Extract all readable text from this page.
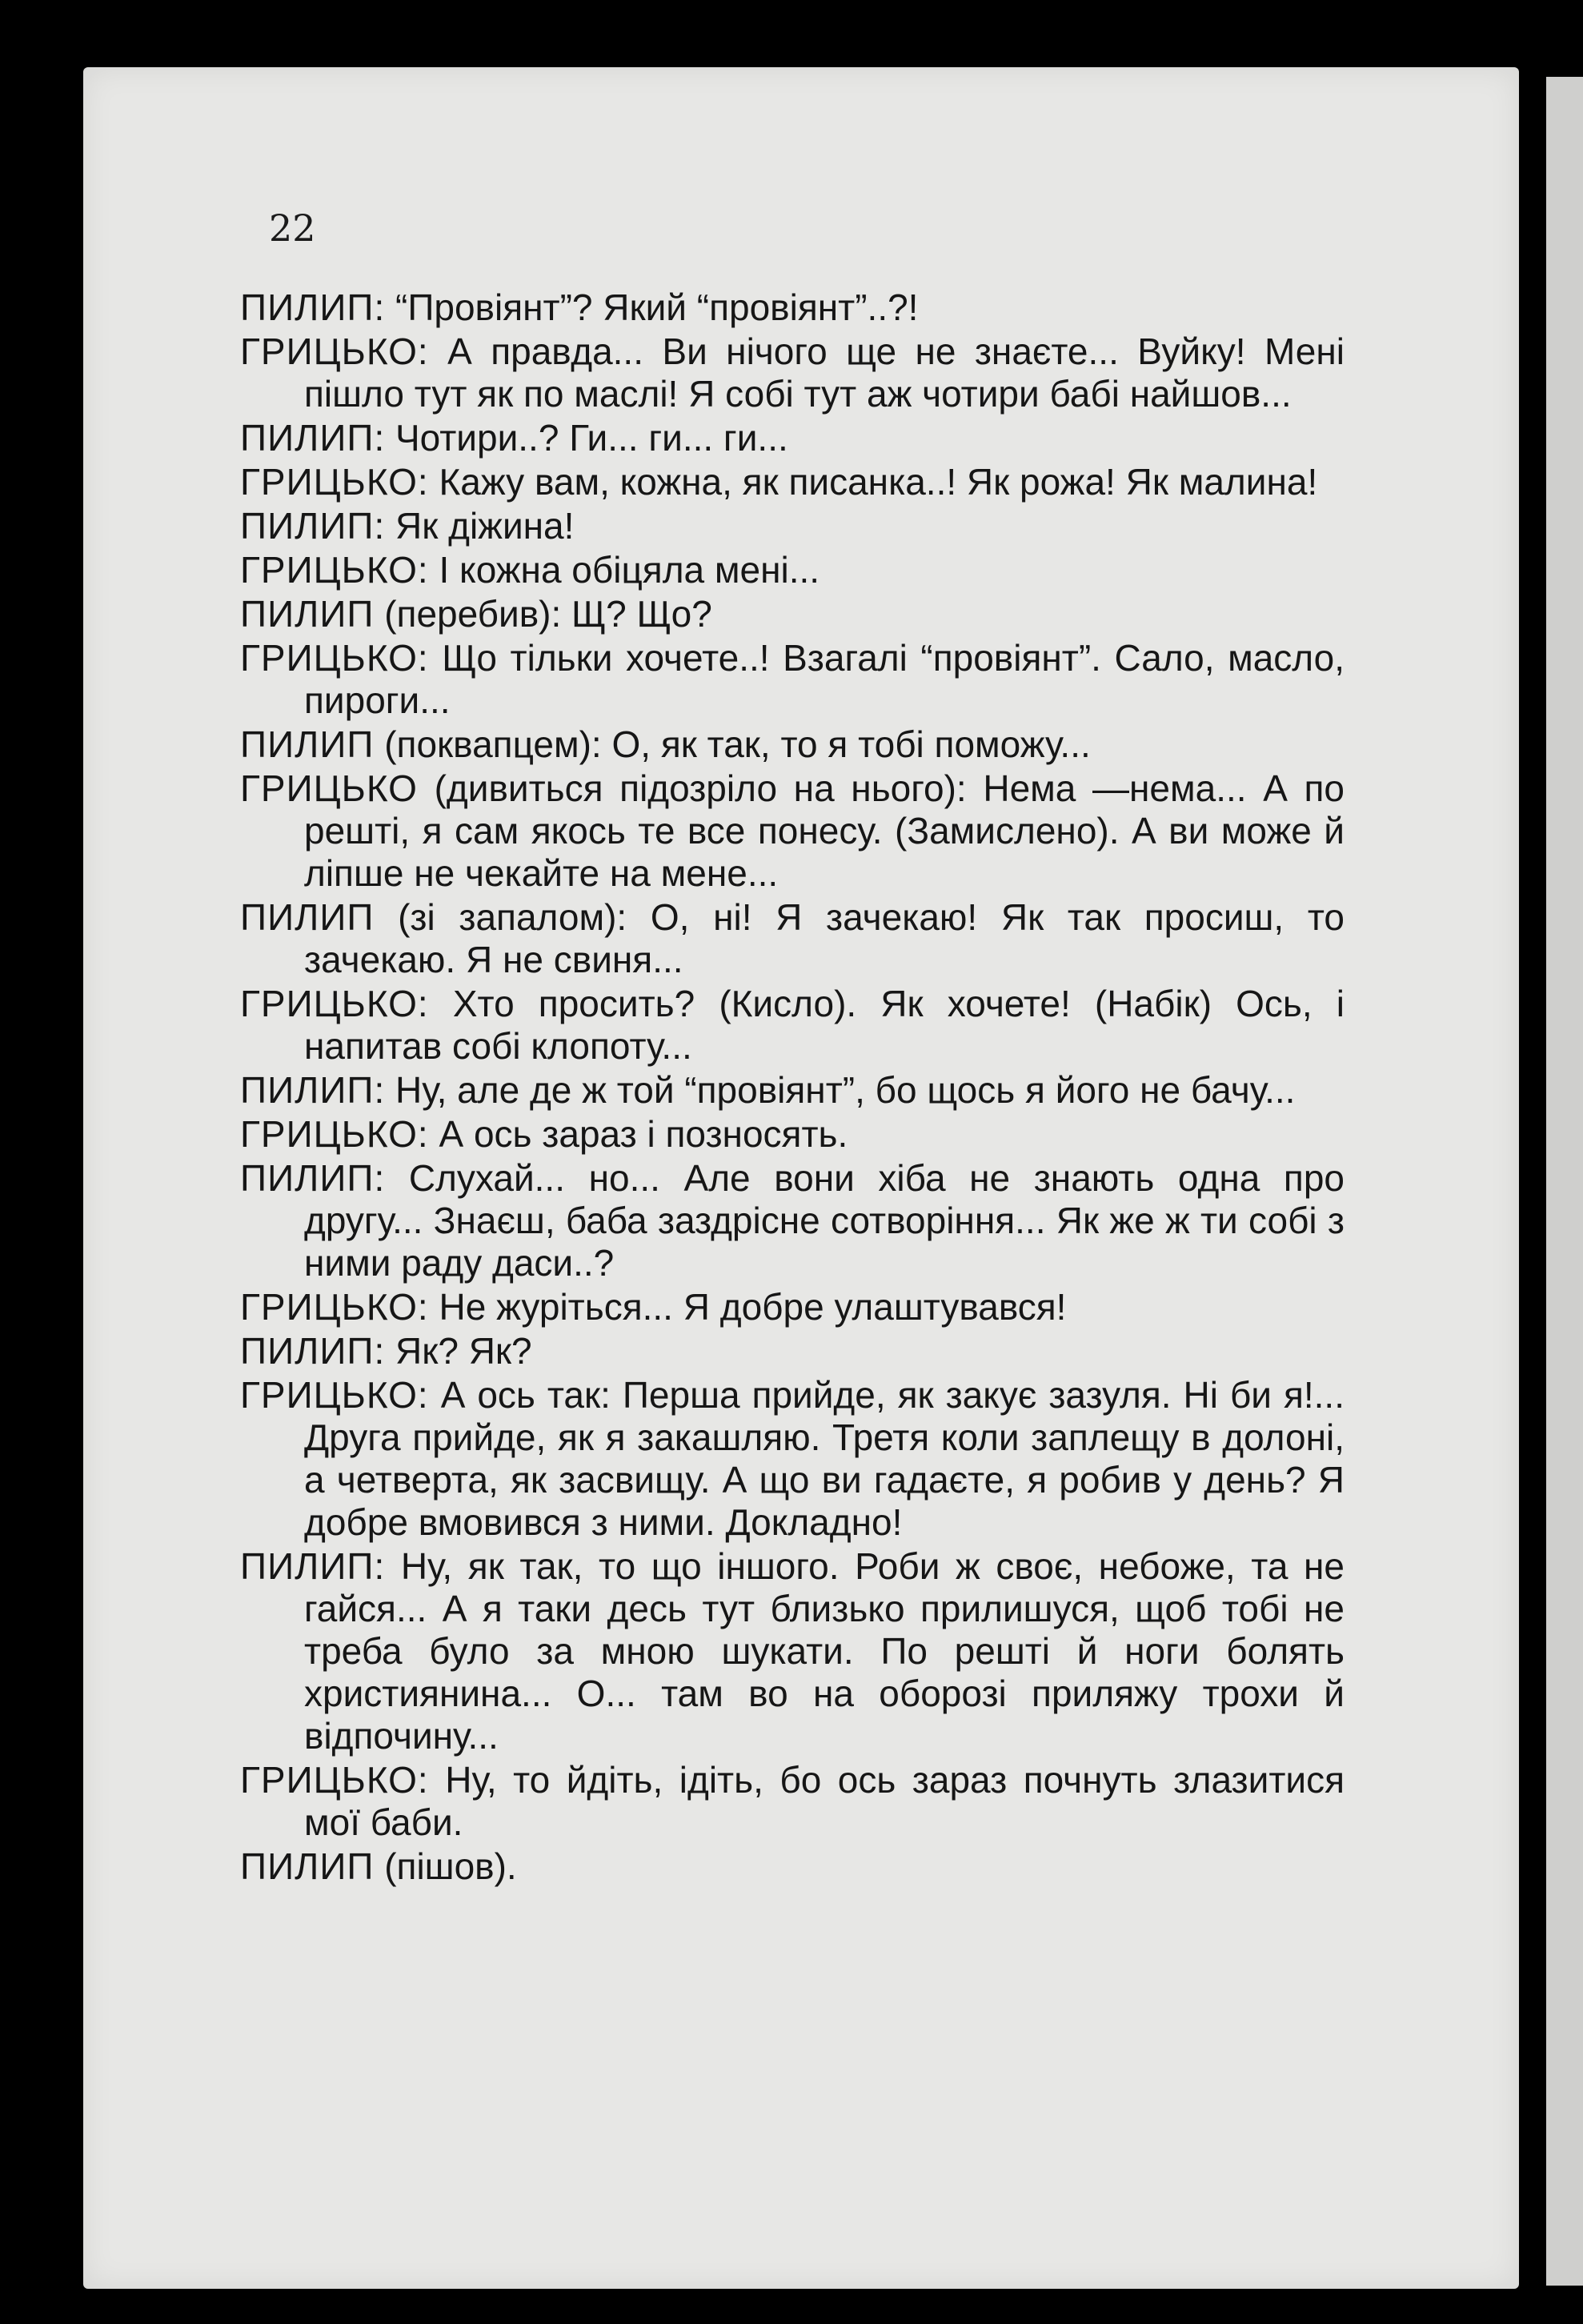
22

ПИЛИП: “Провіянт”? Який “провіянт”..?!

ГРИЦЬКО: А правда... Ви нічого ще не знаєте... Вуйку! Мені пішло тут як по маслі! Я собі тут аж чотири бабі найшов...

ПИЛИП: Чотири..? Ги... ги... ги...

ГРИЦЬКО: Кажу вам, кожна, як писанка..! Як рожа! Як малина!

ПИЛИП: Як діжина!

ГРИЦЬКО: І кожна обіцяла мені...

ПИЛИП (перебив): Щ? Що?

ГРИЦЬКО: Що тільки хочете..! Взагалі “провіянт”. Сало, масло, пироги...

ПИЛИП (поквапцем): О, як так, то я тобі поможу...

ГРИЦЬКО (дивиться підозріло на нього): Нема —нема... А по решті, я сам якось те все понесу. (Замислено). А ви може й ліпше не чекайте на мене...

ПИЛИП (зі запалом): О, ні! Я зачекаю! Як так просиш, то зачекаю. Я не свиня...

ГРИЦЬКО: Хто просить? (Кисло). Як хочете! (Набік) Ось, і напитав собі клопоту...

ПИЛИП: Ну, але де ж той “провіянт”, бо щось я його не бачу...

ГРИЦЬКО: А ось зараз і позносять.

ПИЛИП: Слухай... но... Але вони хіба не знають одна про другу... Знаєш, баба заздрісне сотворіння... Як же ж ти собі з ними раду даси..?

ГРИЦЬКО: Не журіться... Я добре улаштувався!

ПИЛИП: Як? Як?

ГРИЦЬКО: А ось так: Перша прийде, як закує зазуля. Ні би я!... Друга прийде, як я закашляю. Третя коли заплещу в долоні, а четверта, як засвищу. А що ви гадаєте, я робив у день? Я добре вмовився з ними. Докладно!

ПИЛИП: Ну, як так, то що іншого. Роби ж своє, небоже, та не гайся... А я таки десь тут близько прилишуся, щоб тобі не треба було за мною шукати. По решті й ноги болять християнина... О... там во на оборозі приляжу трохи й відпочину...

ГРИЦЬКО: Ну, то йдіть, ідіть, бо ось зараз почнуть злазитися мої баби.

ПИЛИП (пішов).
